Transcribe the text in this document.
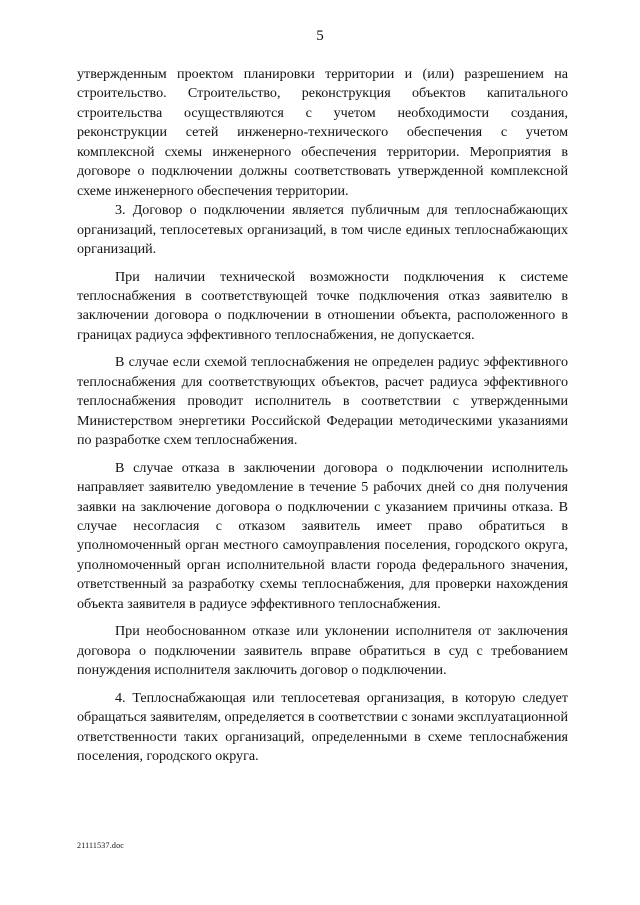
5

утвержденным проектом планировки территории и (или) разрешением на строительство. Строительство, реконструкция объектов капитального строительства осуществляются с учетом необходимости создания, реконструкции сетей инженерно-технического обеспечения с учетом комплексной схемы инженерного обеспечения территории. Мероприятия в договоре о подключении должны соответствовать утвержденной комплексной схеме инженерного обеспечения территории.

3. Договор о подключении является публичным для теплоснабжающих организаций, теплосетевых организаций, в том числе единых теплоснабжающих организаций.

При наличии технической возможности подключения к системе теплоснабжения в соответствующей точке подключения отказ заявителю в заключении договора о подключении в отношении объекта, расположенного в границах радиуса эффективного теплоснабжения, не допускается.

В случае если схемой теплоснабжения не определен радиус эффективного теплоснабжения для соответствующих объектов, расчет радиуса эффективного теплоснабжения проводит исполнитель в соответствии с утвержденными Министерством энергетики Российской Федерации методическими указаниями по разработке схем теплоснабжения.

В случае отказа в заключении договора о подключении исполнитель направляет заявителю уведомление в течение 5 рабочих дней со дня получения заявки на заключение договора о подключении с указанием причины отказа. В случае несогласия с отказом заявитель имеет право обратиться в уполномоченный орган местного самоуправления поселения, городского округа, уполномоченный орган исполнительной власти города федерального значения, ответственный за разработку схемы теплоснабжения, для проверки нахождения объекта заявителя в радиусе эффективного теплоснабжения.

При необоснованном отказе или уклонении исполнителя от заключения договора о подключении заявитель вправе обратиться в суд с требованием понуждения исполнителя заключить договор о подключении.

4. Теплоснабжающая или теплосетевая организация, в которую следует обращаться заявителям, определяется в соответствии с зонами эксплуатационной ответственности таких организаций, определенными в схеме теплоснабжения поселения, городского округа.

21111537.doc
